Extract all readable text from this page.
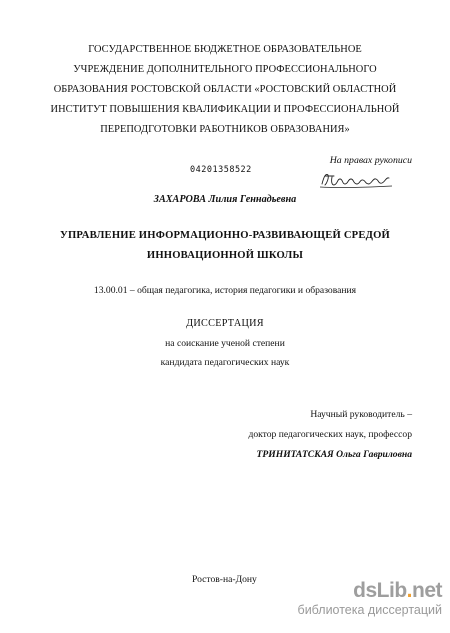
ГОСУДАРСТВЕННОЕ БЮДЖЕТНОЕ ОБРАЗОВАТЕЛЬНОЕ
УЧРЕЖДЕНИЕ ДОПОЛНИТЕЛЬНОГО ПРОФЕССИОНАЛЬНОГО
ОБРАЗОВАНИЯ РОСТОВСКОЙ ОБЛАСТИ «РОСТОВСКИЙ ОБЛАСТНОЙ
ИНСТИТУТ ПОВЫШЕНИЯ КВАЛИФИКАЦИИ И ПРОФЕССИОНАЛЬНОЙ
ПЕРЕПОДГОТОВКИ РАБОТНИКОВ ОБРАЗОВАНИЯ»
04201358522
На правах рукописи
ЗАХАРОВА Лилия Геннадьевна
УПРАВЛЕНИЕ ИНФОРМАЦИОННО-РАЗВИВАЮЩЕЙ СРЕДОЙ
ИННОВАЦИОННОЙ ШКОЛЫ
13.00.01 – общая педагогика, история педагогики и образования
ДИССЕРТАЦИЯ
на соискание ученой степени
кандидата педагогических наук
Научный руководитель –
доктор педагогических наук, профессор
ТРИНИТАТСКАЯ Ольга Гавриловна
Ростов-на-Дону	dsLib.net
библиотека диссертаций
